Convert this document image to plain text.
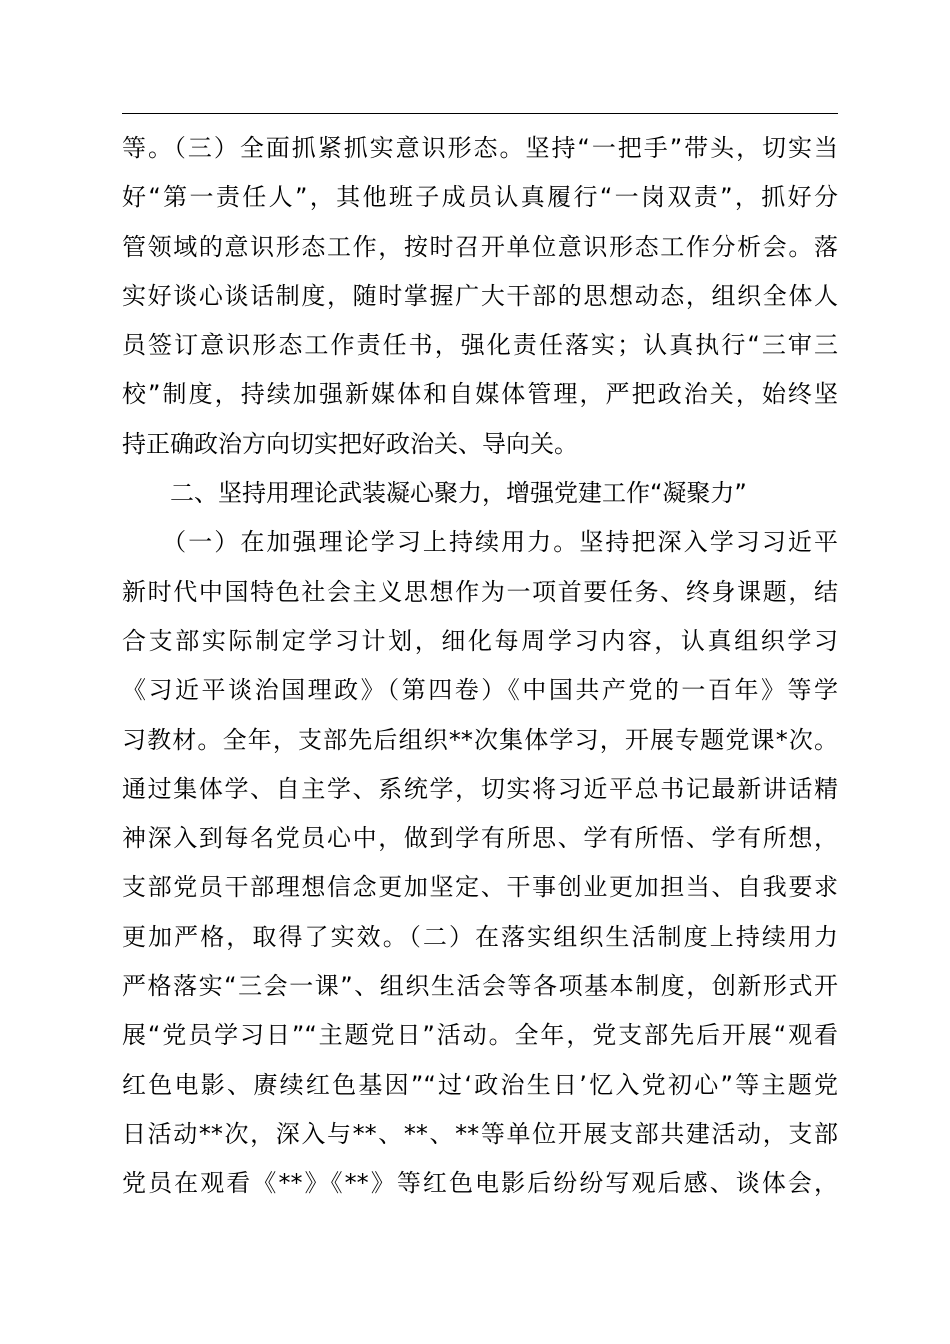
等。（三）全面抓紧抓实意识形态。坚持“一把手”带头，切实当
好“第一责任人”，其他班子成员认真履行“一岗双责”，抓好分
管领域的意识形态工作，按时召开单位意识形态工作分析会。落
实好谈心谈话制度，随时掌握广大干部的思想动态，组织全体人
员签订意识形态工作责任书，强化责任落实；认真执行“三审三
校”制度，持续加强新媒体和自媒体管理，严把政治关，始终坚
持正确政治方向切实把好政治关、导向关。
　　二、坚持用理论武装凝心聚力，增强党建工作“凝聚力”
　　（一）在加强理论学习上持续用力。坚持把深入学习习近平
新时代中国特色社会主义思想作为一项首要任务、终身课题，结
合支部实际制定学习计划，细化每周学习内容，认真组织学习
《习近平谈治国理政》（第四卷）《中国共产党的一百年》等学
习教材。全年，支部先后组织**次集体学习，开展专题党课*次。
通过集体学、自主学、系统学，切实将习近平总书记最新讲话精
神深入到每名党员心中，做到学有所思、学有所悟、学有所想，
支部党员干部理想信念更加坚定、干事创业更加担当、自我要求
更加严格，取得了实效。（二）在落实组织生活制度上持续用力
严格落实“三会一课”、组织生活会等各项基本制度，创新形式开
展“党员学习日”“主题党日”活动。全年，党支部先后开展“观看
红色电影、赓续红色基因”“过‘政治生日’忆入党初心”等主题党
日活动**次，深入与**、**、**等单位开展支部共建活动，支部
党员在观看《**》《**》等红色电影后纷纷写观后感、谈体会，
